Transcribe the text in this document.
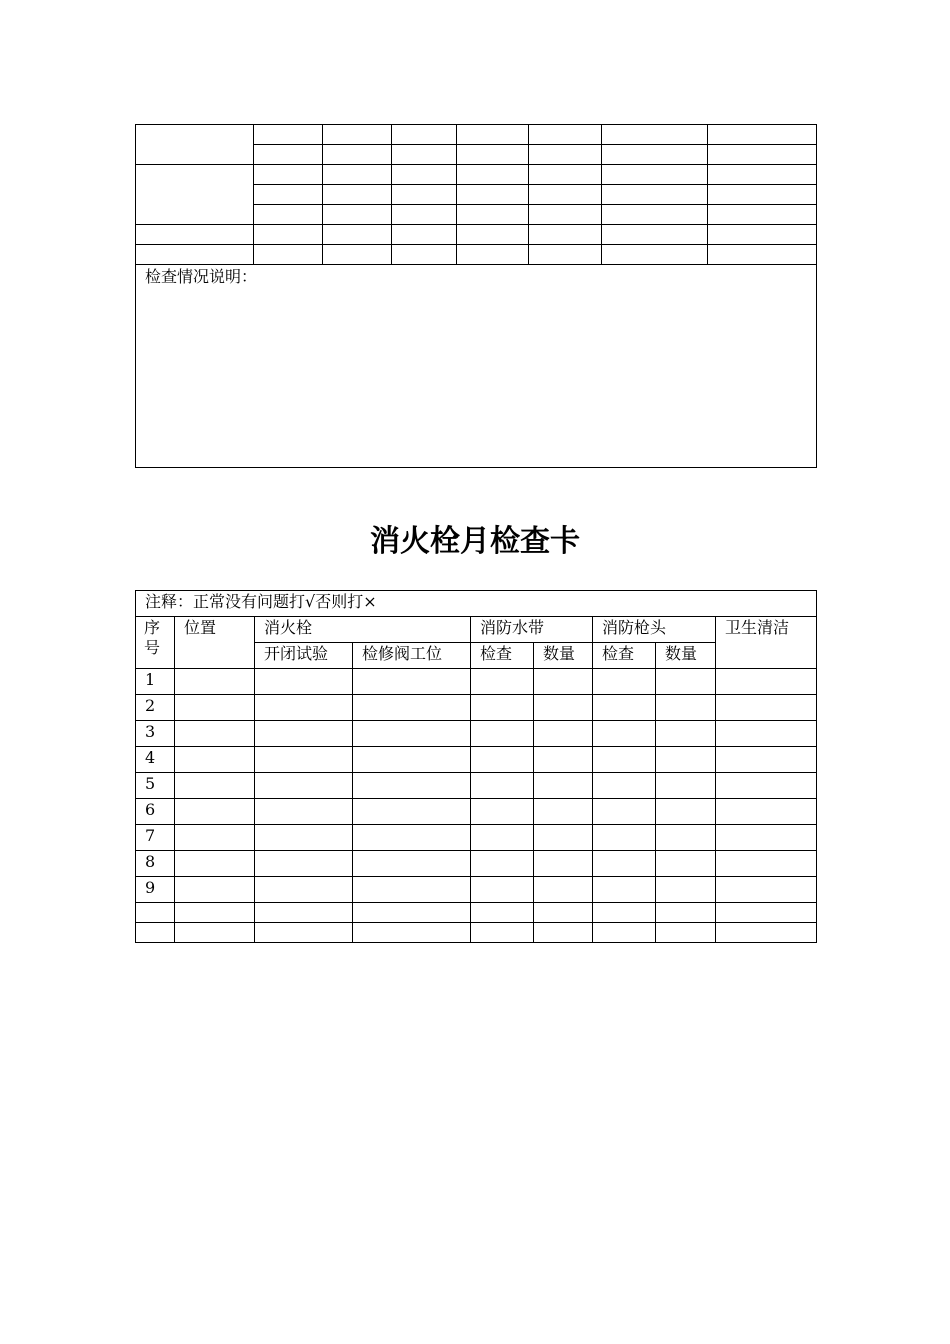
检查情况说明：							
消火栓月检查卡
注释：正常没有问题打√否则打×								
序号	位置	消火栓		消防水带		消防枪头		卫生清洁
		开闭试验	检修阀工位	检查	数量	检查	数量	
1								
2								
3								
4								
5								
6								
7								
8								
9								
